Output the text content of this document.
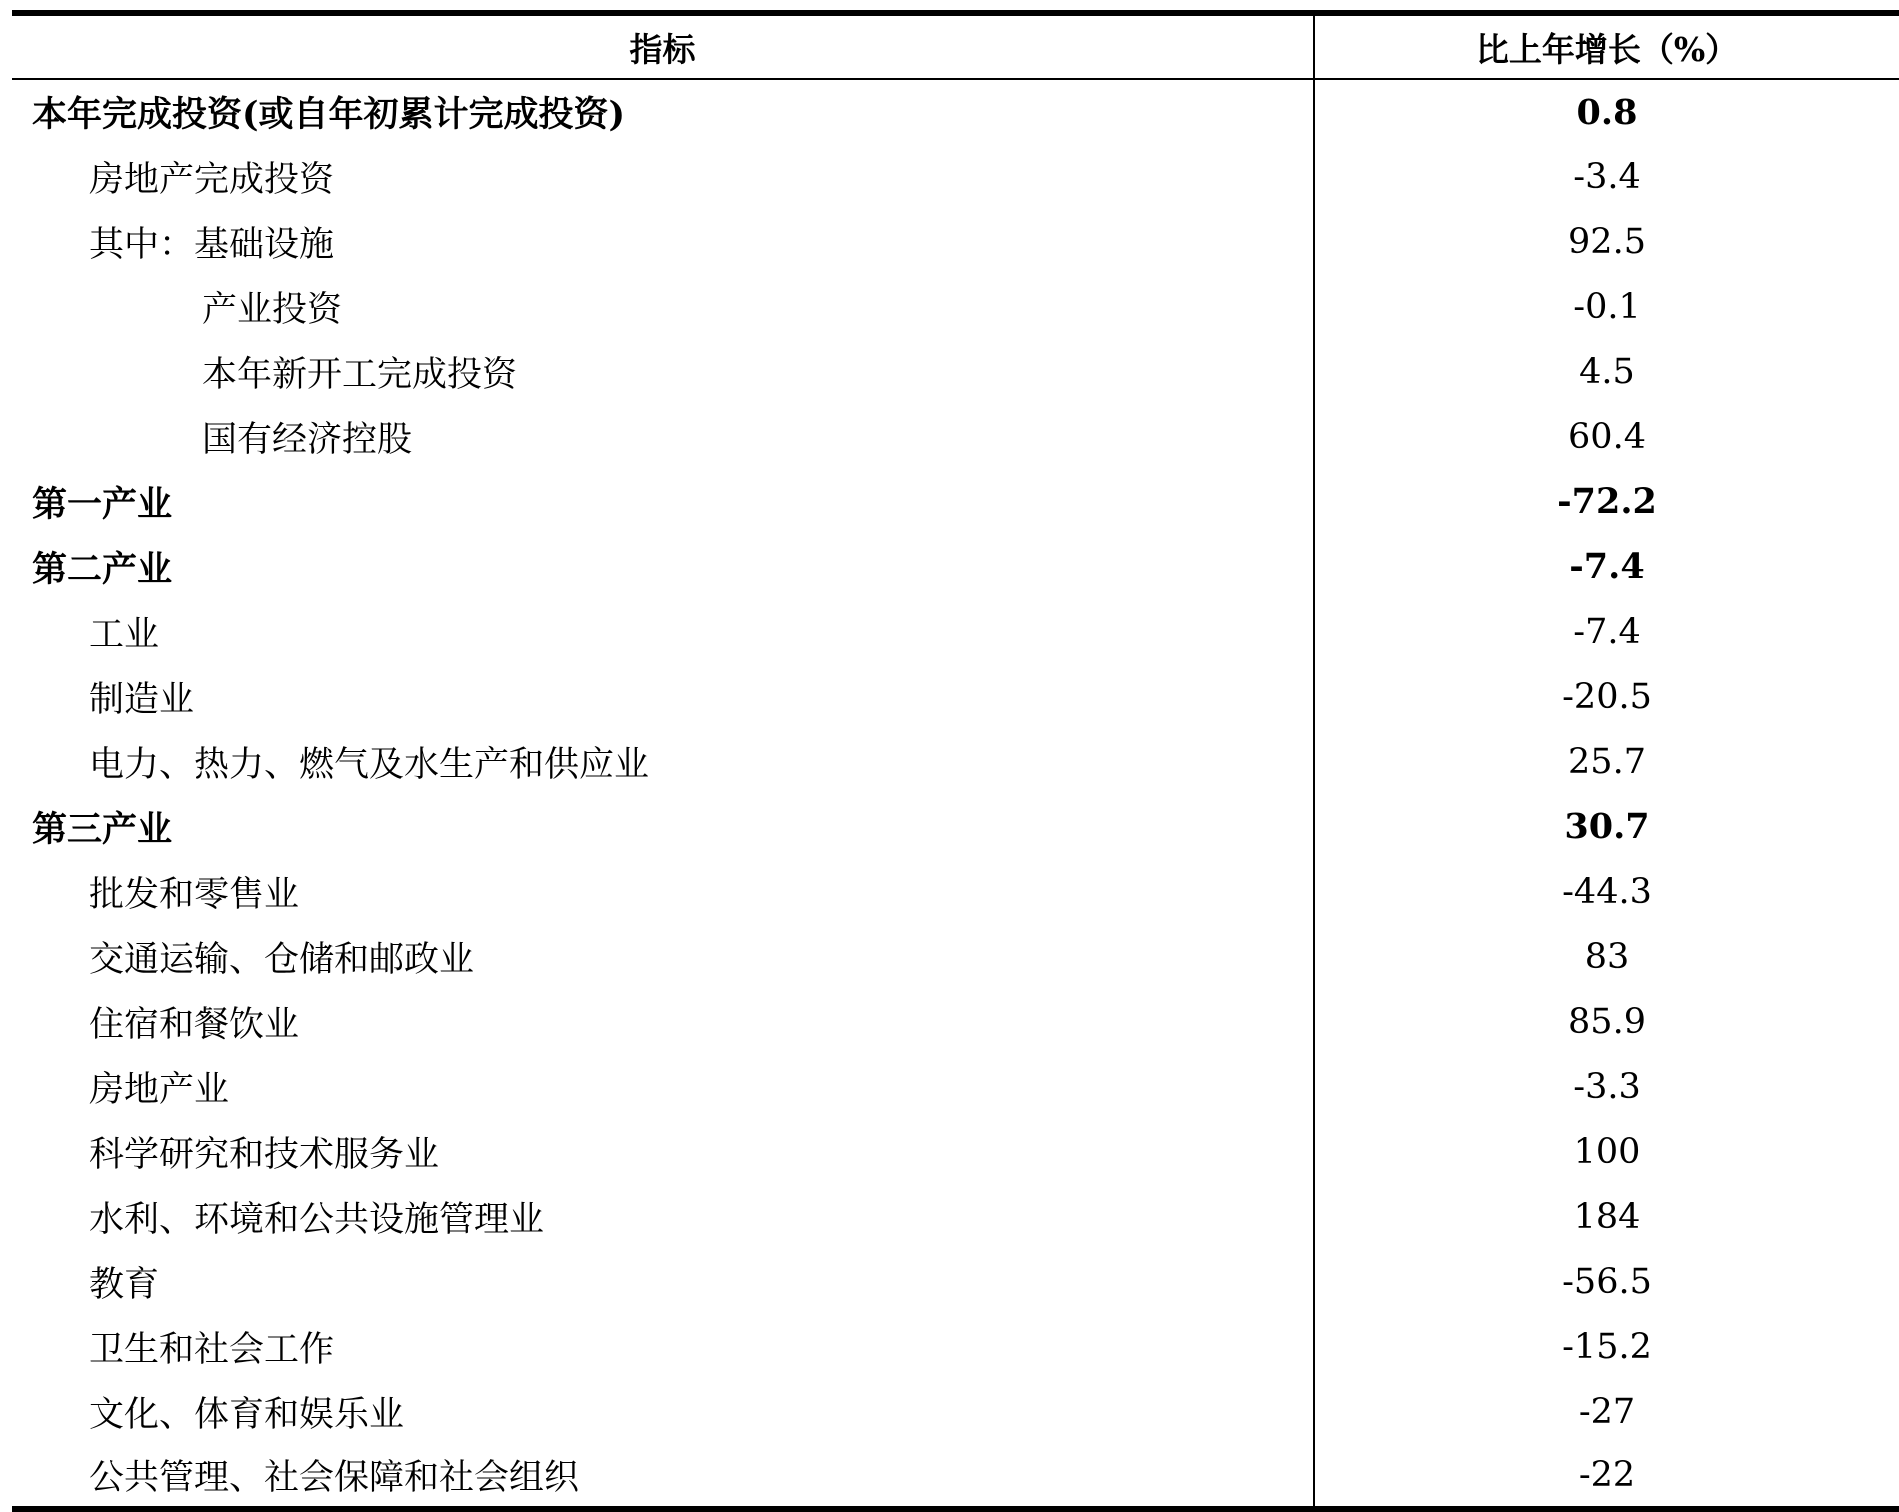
指标	比上年增长（%）
本年完成投资(或自年初累计完成投资)	0.8
房地产完成投资	-3.4
其中：基础设施	92.5
产业投资	-0.1
本年新开工完成投资	4.5
国有经济控股	60.4
第一产业	-72.2
第二产业	-7.4
工业	-7.4
制造业	-20.5
电力、热力、燃气及水生产和供应业	25.7
第三产业	30.7
批发和零售业	-44.3
交通运输、仓储和邮政业	83
住宿和餐饮业	85.9
房地产业	-3.3
科学研究和技术服务业	100
水利、环境和公共设施管理业	184
教育	-56.5
卫生和社会工作	-15.2
文化、体育和娱乐业	-27
公共管理、社会保障和社会组织	-22
